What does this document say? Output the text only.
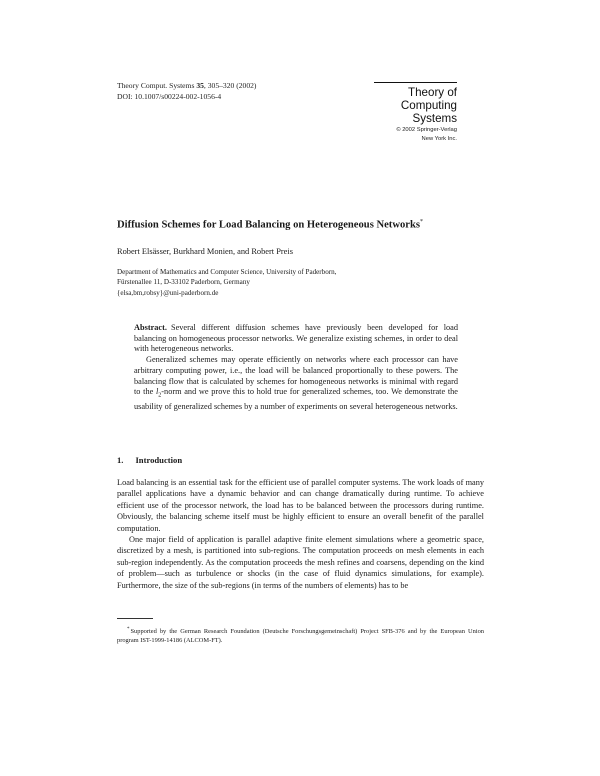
Theory Comput. Systems 35, 305–320 (2002)
DOI: 10.1007/s00224-002-1056-4	Theory of
Computing
Systems
© 2002 Springer-Verlag
New York Inc.
Diffusion Schemes for Load Balancing on Heterogeneous Networks*
Robert Elsässer, Burkhard Monien, and Robert Preis
Department of Mathematics and Computer Science, University of Paderborn,
Fürstenallee 11, D-33102 Paderborn, Germany
{elsa,bm,robsy}@uni-paderborn.de

Abstract. Several different diffusion schemes have previously been developed for load balancing on homogeneous processor networks. We generalize existing schemes, in order to deal with heterogeneous networks.

Generalized schemes may operate efficiently on networks where each processor can have arbitrary computing power, i.e., the load will be balanced proportionally to these powers. The balancing flow that is calculated by schemes for homogeneous networks is minimal with regard to the $l_2$-norm and we prove this to hold true for generalized schemes, too. We demonstrate the usability of generalized schemes by a number of experiments on several heterogeneous networks.

1. Introduction

Load balancing is an essential task for the efficient use of parallel computer systems. The work loads of many parallel applications have a dynamic behavior and can change dramatically during runtime. To achieve efficient use of the processor network, the load has to be balanced between the processors during runtime. Obviously, the balancing scheme itself must be highly efficient to ensure an overall benefit of the parallel computation.

One major field of application is parallel adaptive finite element simulations where a geometric space, discretized by a mesh, is partitioned into sub-regions. The computation proceeds on mesh elements in each sub-region independently. As the computation proceeds the mesh refines and coarsens, depending on the kind of problem—such as turbulence or shocks (in the case of fluid dynamics simulations, for example). Furthermore, the size of the sub-regions (in terms of the numbers of elements) has to be

*Supported by the German Research Foundation (Deutsche Forschungsgemeinschaft) Project SFB-376 and by the European Union program IST-1999-14186 (ALCOM-FT).
